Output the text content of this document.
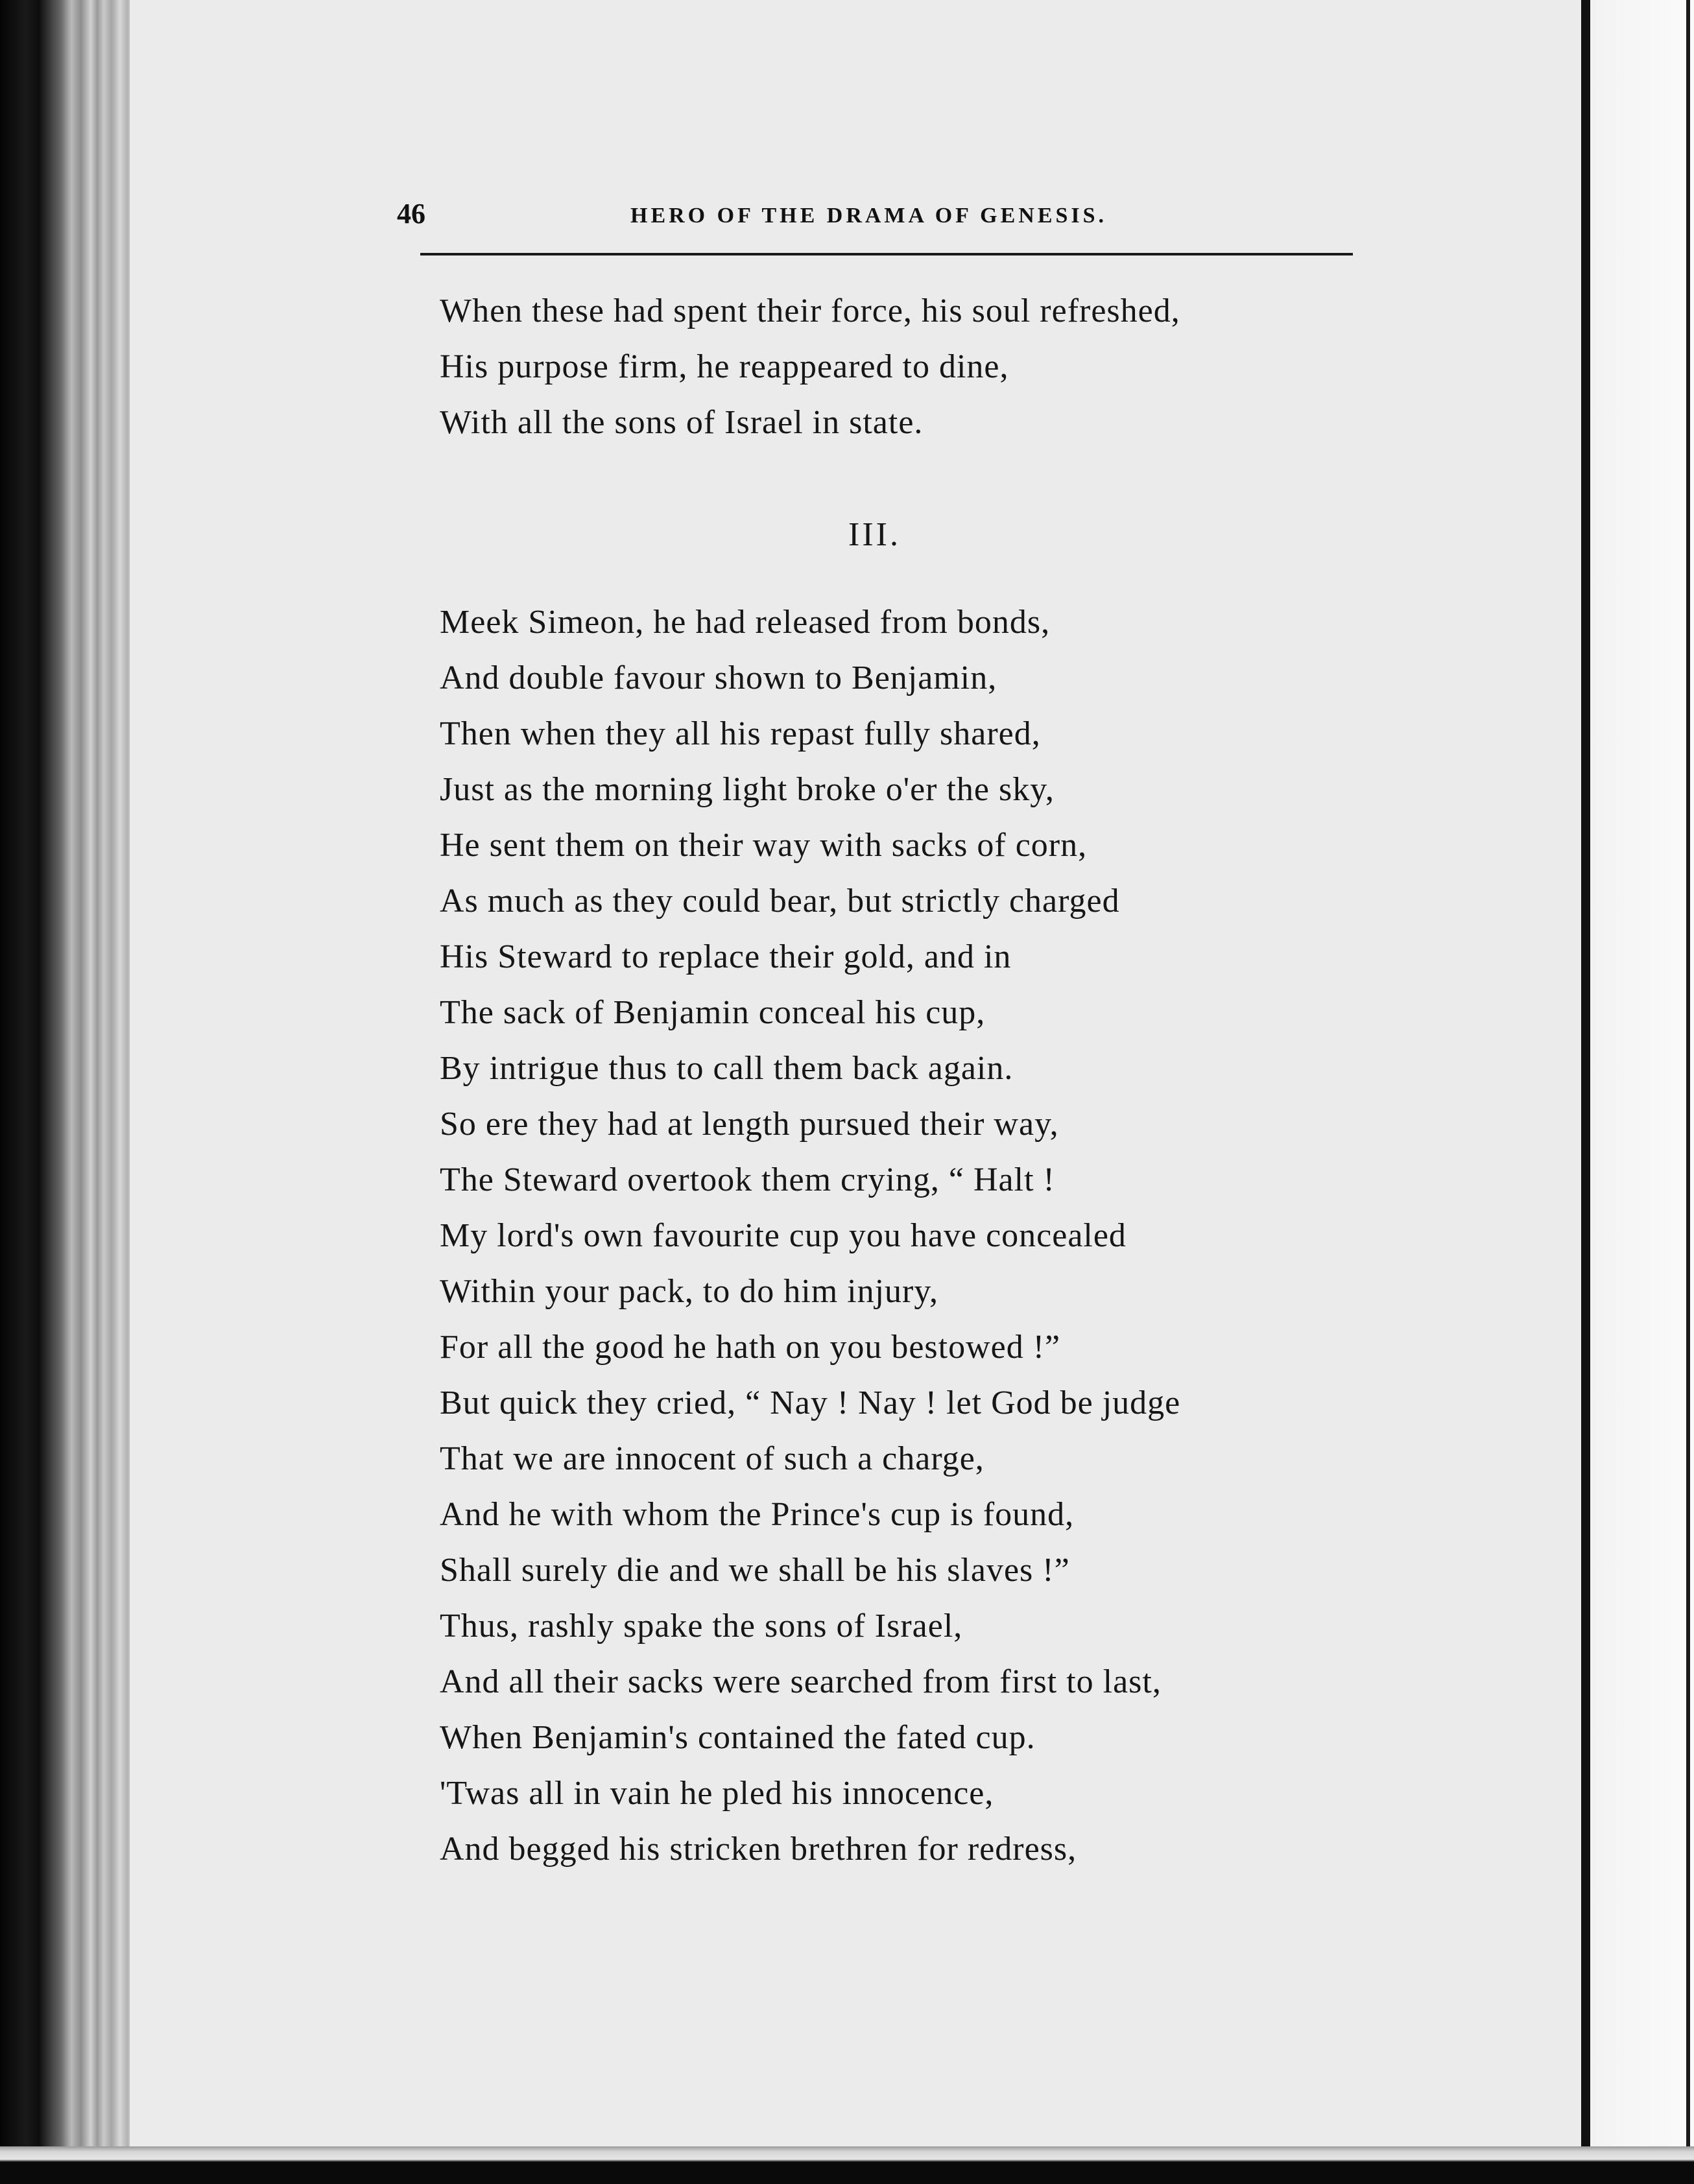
46	HERO OF THE DRAMA OF GENESIS.
When these had spent their force, his soul refreshed,
His purpose firm, he reappeared to dine,
With all the sons of Israel in state.
III.
Meek Simeon, he had released from bonds,
And double favour shown to Benjamin,
Then when they all his repast fully shared,
Just as the morning light broke o'er the sky,
He sent them on their way with sacks of corn,
As much as they could bear, but strictly charged
His Steward to replace their gold, and in
The sack of Benjamin conceal his cup,
By intrigue thus to call them back again.
So ere they had at length pursued their way,
The Steward overtook them crying, “ Halt !
My lord's own favourite cup you have concealed
Within your pack, to do him injury,
For all the good he hath on you bestowed !”
But quick they cried, “ Nay ! Nay ! let God be judge
That we are innocent of such a charge,
And he with whom the Prince's cup is found,
Shall surely die and we shall be his slaves !”
Thus, rashly spake the sons of Israel,
And all their sacks were searched from first to last,
When Benjamin's contained the fated cup.
'Twas all in vain he pled his innocence,
And begged his stricken brethren for redress,
